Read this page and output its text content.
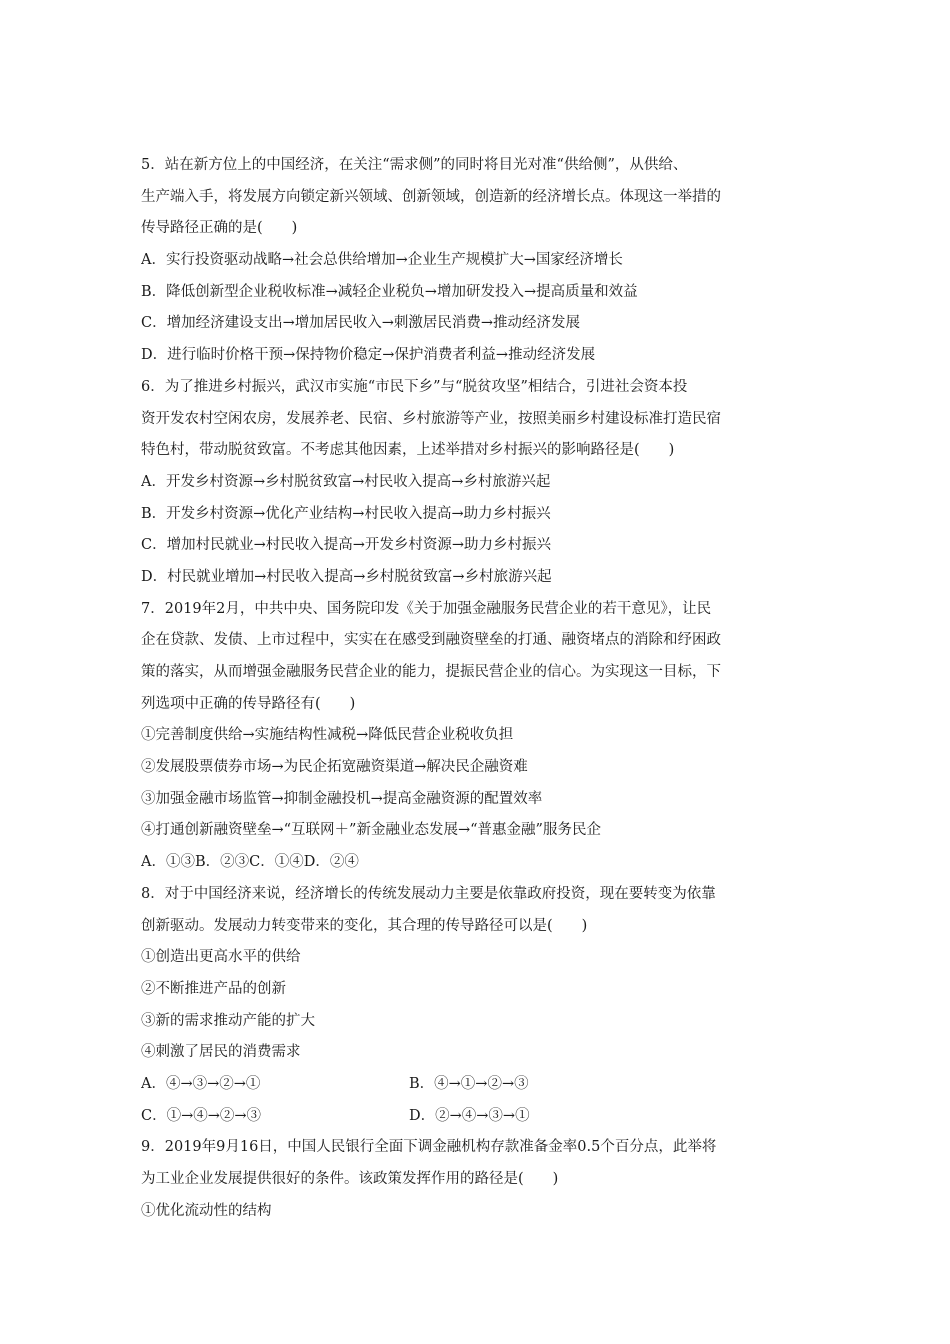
5．站在新方位上的中国经济，在关注“需求侧”的同时将目光对准“供给侧”，从供给、
生产端入手，将发展方向锁定新兴领域、创新领域，创造新的经济增长点。体现这一举措的
传导路径正确的是(　　)
A．实行投资驱动战略→社会总供给增加→企业生产规模扩大→国家经济增长
B．降低创新型企业税收标准→减轻企业税负→增加研发投入→提高质量和效益
C．增加经济建设支出→增加居民收入→刺激居民消费→推动经济发展
D．进行临时价格干预→保持物价稳定→保护消费者利益→推动经济发展
6．为了推进乡村振兴，武汉市实施“市民下乡”与“脱贫攻坚”相结合，引进社会资本投
资开发农村空闲农房，发展养老、民宿、乡村旅游等产业，按照美丽乡村建设标准打造民宿
特色村，带动脱贫致富。不考虑其他因素，上述举措对乡村振兴的影响路径是(　　)
A．开发乡村资源→乡村脱贫致富→村民收入提高→乡村旅游兴起
B．开发乡村资源→优化产业结构→村民收入提高→助力乡村振兴
C．增加村民就业→村民收入提高→开发乡村资源→助力乡村振兴
D．村民就业增加→村民收入提高→乡村脱贫致富→乡村旅游兴起
7．2019年2月，中共中央、国务院印发《关于加强金融服务民营企业的若干意见》，让民
企在贷款、发债、上市过程中，实实在在感受到融资壁垒的打通、融资堵点的消除和纾困政
策的落实，从而增强金融服务民营企业的能力，提振民营企业的信心。为实现这一目标，下
列选项中正确的传导路径有(　　)
①完善制度供给→实施结构性减税→降低民营企业税收负担
②发展股票债券市场→为民企拓宽融资渠道→解决民企融资难
③加强金融市场监管→抑制金融投机→提高金融资源的配置效率
④打通创新融资壁垒→“互联网＋”新金融业态发展→“普惠金融”服务民企
A．①③B．②③C．①④D．②④
8．对于中国经济来说，经济增长的传统发展动力主要是依靠政府投资，现在要转变为依靠
创新驱动。发展动力转变带来的变化，其合理的传导路径可以是(　　)
①创造出更高水平的供给
②不断推进产品的创新
③新的需求推动产能的扩大
④刺激了居民的消费需求
A．④→③→②→①	B．④→①→②→③
C．①→④→②→③	D．②→④→③→①
9．2019年9月16日，中国人民银行全面下调金融机构存款准备金率0.5个百分点，此举将
为工业企业发展提供很好的条件。该政策发挥作用的路径是(　　)
①优化流动性的结构
